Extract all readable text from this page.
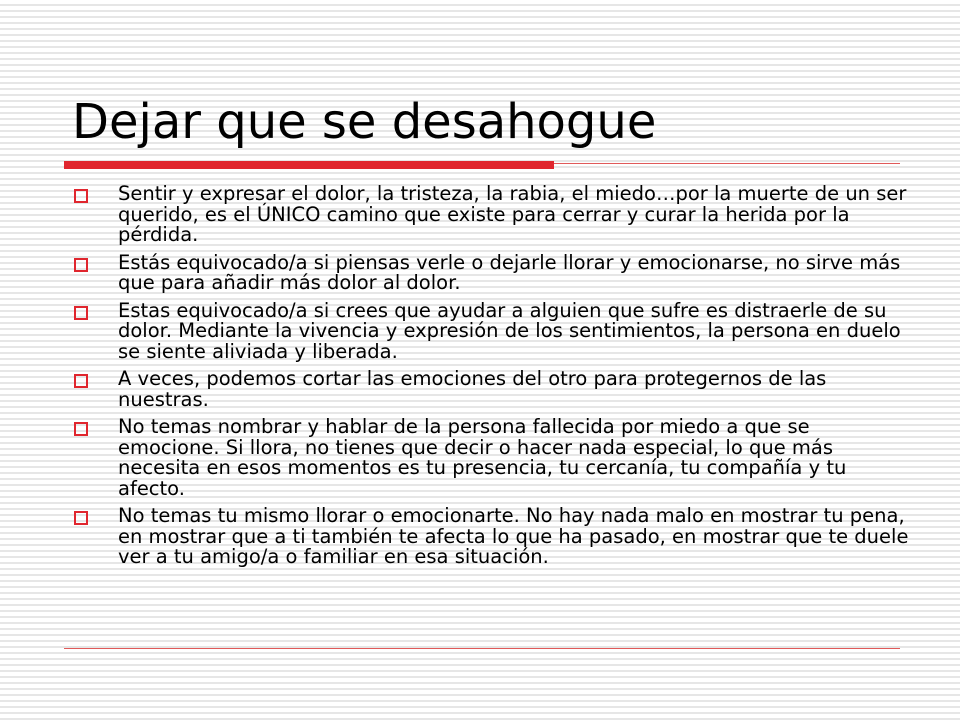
Dejar que se desahogue
Sentir y expresar el dolor, la tristeza, la rabia, el miedo…por la muerte de un ser querido, es el ÚNICO camino que existe para cerrar y curar la herida por la pérdida.
Estás equivocado/a si piensas verle o dejarle llorar y emocionarse, no sirve más que para añadir más dolor al dolor.
Estas equivocado/a si crees que ayudar a alguien que sufre es distraerle de su dolor. Mediante la vivencia y expresión de los sentimientos, la persona en duelo se siente aliviada y liberada.
A veces, podemos cortar las emociones del otro para protegernos de las nuestras.
No temas nombrar y hablar de la persona fallecida por miedo a que se emocione. Si llora, no tienes que decir o hacer nada especial, lo que más necesita en esos momentos es tu presencia, tu cercanía, tu compañía y tu afecto.
No temas tu mismo llorar o emocionarte. No hay nada malo en mostrar tu pena, en mostrar que a ti también te afecta lo que ha pasado, en mostrar que te duele ver a tu amigo/a o familiar en esa situación.
